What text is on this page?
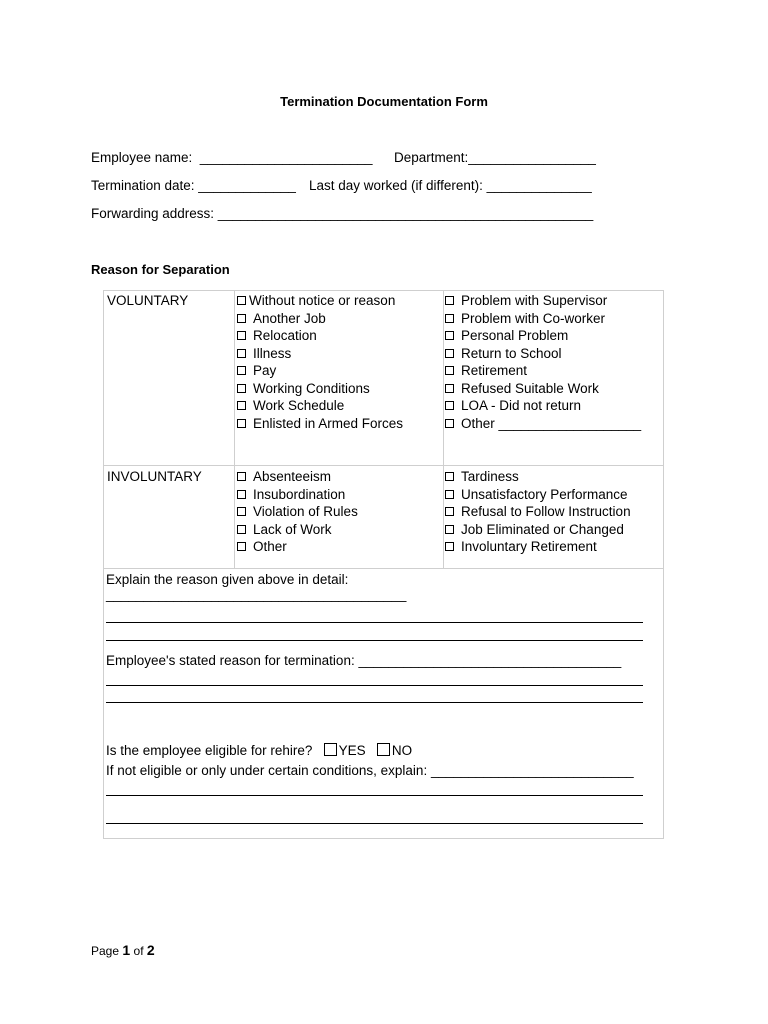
Termination Documentation Form
Employee name:  _______________________ Department:_________________
Termination date: _____________ Last day worked (if different): ______________
Forwarding address: __________________________________________________
Reason for Separation
VOLUNTARY	Without notice or reason
Another Job
Relocation
Illness
Pay
Working Conditions
Work Schedule
Enlisted in Armed Forces
Problem with Supervisor
Problem with Co-worker
Personal Problem
Return to School
Retirement
Refused Suitable Work
LOA - Did not return
Other ___________________
INVOLUNTARY	Absenteeism
Insubordination
Violation of Rules
Lack of Work
Other
Tardiness
Unsatisfactory Performance
Refusal to Follow Instruction
Job Eliminated or Changed
Involuntary Retirement
Explain the reason given above in detail:
________________________________________
Employee's stated reason for termination: ___________________________________
Is the employee eligible for rehire? YES NO
If not eligible or only under certain conditions, explain: ___________________________
Page 1 of 2
